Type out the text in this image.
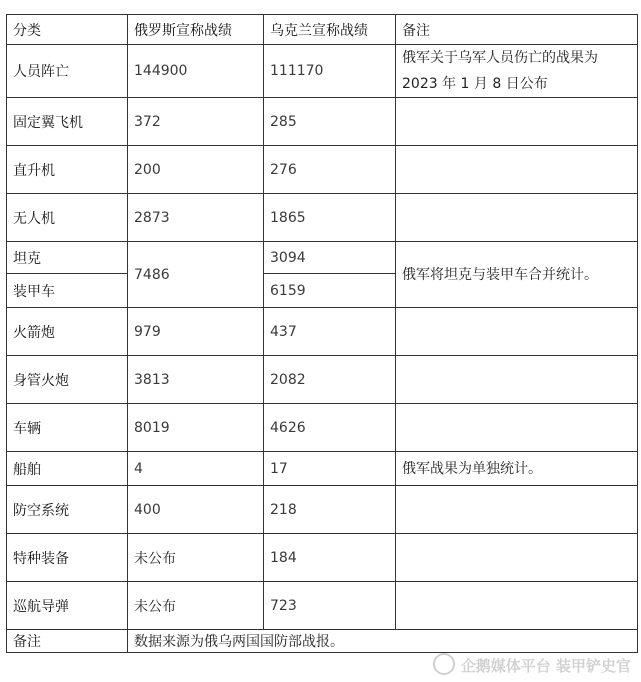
分类	俄罗斯宣称战绩	乌克兰宣称战绩	备注
人员阵亡	144900	111170	俄军关于乌军人员伤亡的战果为 2023 年 1 月 8 日公布
固定翼飞机	372	285	
直升机	200	276	
无人机	2873	1865	
坦克	7486	3094	俄军将坦克与装甲车合并统计。
装甲车		6159	
火箭炮	979	437	
身管火炮	3813	2082	
车辆	8019	4626	
船舶	4	17	俄军战果为单独统计。
防空系统	400	218	
特种装备	未公布	184	
巡航导弹	未公布	723	
备注	数据来源为俄乌两国国防部战报。		
企鹅媒体平台 装甲铲史官
